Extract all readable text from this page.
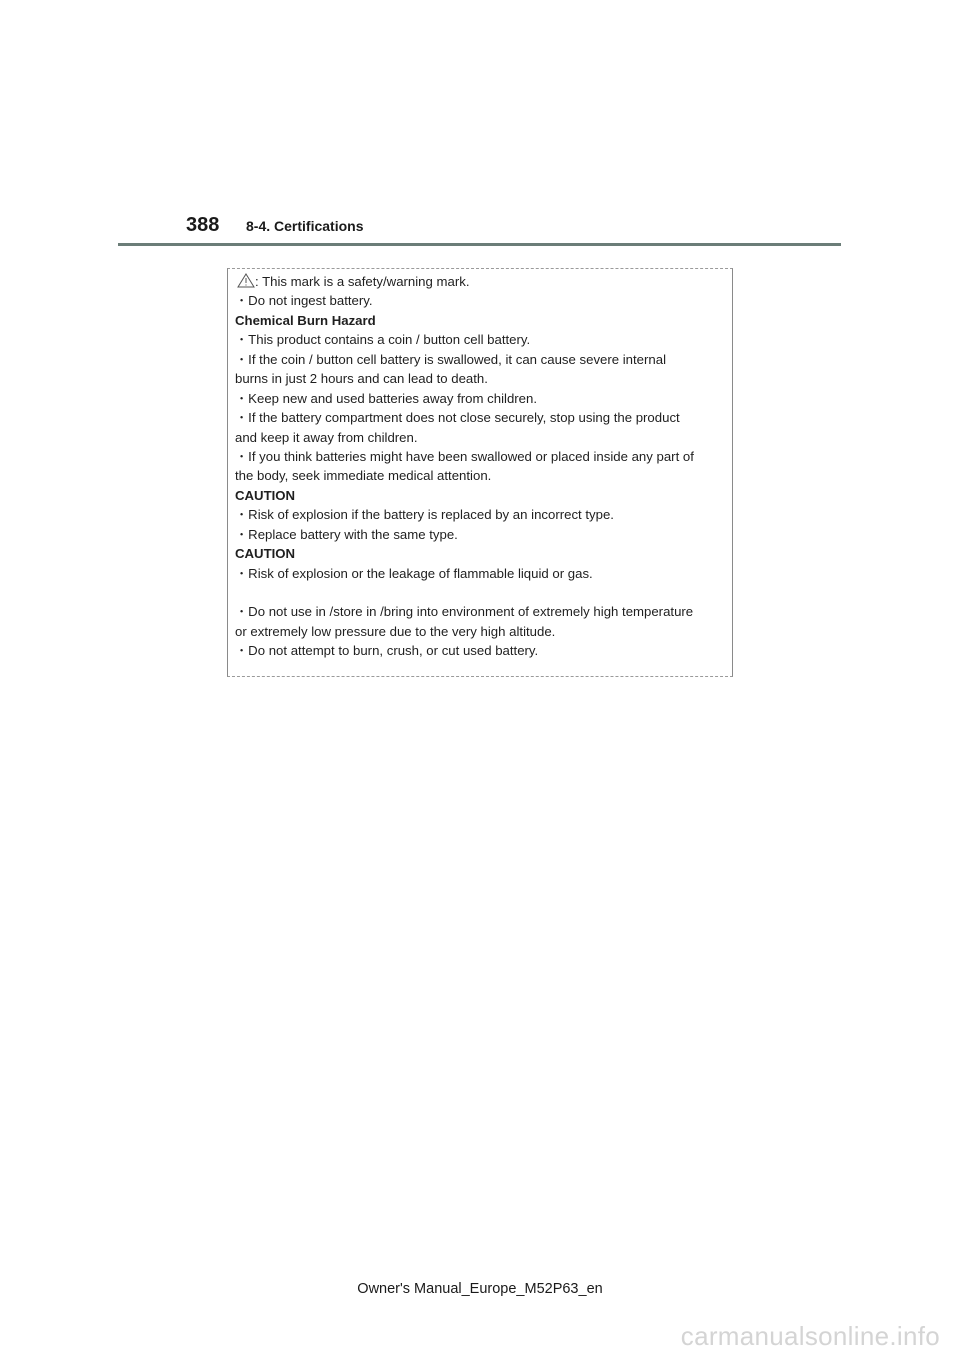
388 8-4. Certifications
: This mark is a safety/warning mark.
・Do not ingest battery.
Chemical Burn Hazard
・This product contains a coin / button cell battery.
・If the coin / button cell battery is swallowed, it can cause severe internal
burns in just 2 hours and can lead to death.
・Keep new and used batteries away from children.
・If the battery compartment does not close securely, stop using the product
and keep it away from children.
・If you think batteries might have been swallowed or placed inside any part of
the body, seek immediate medical attention.
CAUTION
・Risk of explosion if the battery is replaced by an incorrect type.
・Replace battery with the same type.
CAUTION
・Risk of explosion or the leakage of flammable liquid or gas.
・Do not use in /store in /bring into environment of extremely high temperature
or extremely low pressure due to the very high altitude.
・Do not attempt to burn, crush, or cut used battery.
Owner's Manual_Europe_M52P63_en
carmanualsonline.info
